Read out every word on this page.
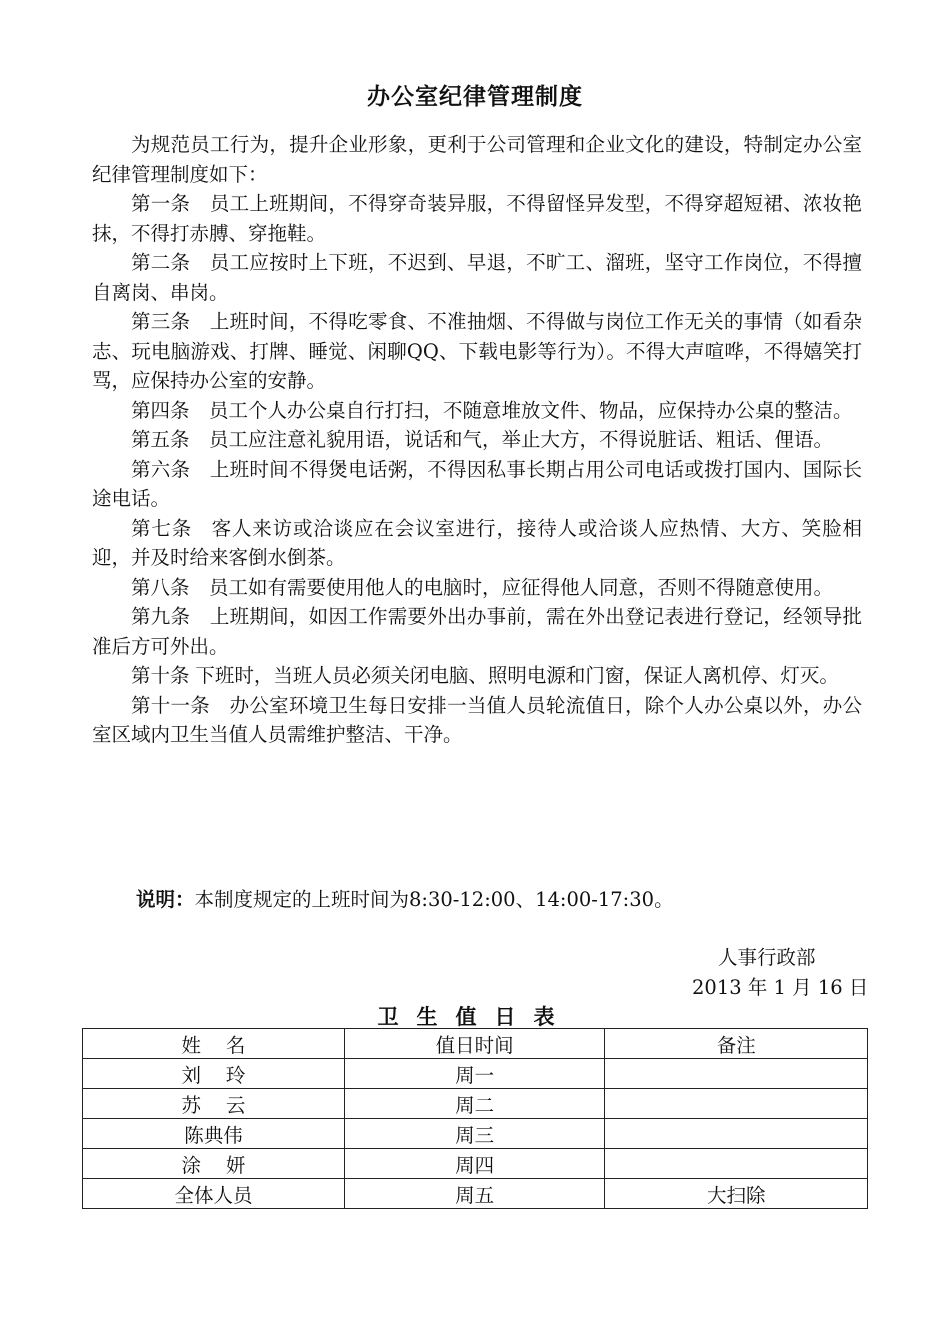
办公室纪律管理制度

为规范员工行为，提升企业形象，更利于公司管理和企业文化的建设，特制定办公室纪律管理制度如下：

第一条 员工上班期间，不得穿奇装异服，不得留怪异发型，不得穿超短裙、浓妆艳抹，不得打赤膊、穿拖鞋。

第二条 员工应按时上下班，不迟到、早退，不旷工、溜班，坚守工作岗位，不得擅自离岗、串岗。

第三条 上班时间，不得吃零食、不准抽烟、不得做与岗位工作无关的事情（如看杂志、玩电脑游戏、打牌、睡觉、闲聊QQ、下载电影等行为）。不得大声喧哗，不得嬉笑打骂，应保持办公室的安静。

第四条 员工个人办公桌自行打扫，不随意堆放文件、物品，应保持办公桌的整洁。

第五条 员工应注意礼貌用语，说话和气，举止大方，不得说脏话、粗话、俚语。

第六条 上班时间不得煲电话粥，不得因私事长期占用公司电话或拨打国内、国际长途电话。

第七条 客人来访或洽谈应在会议室进行，接待人或洽谈人应热情、大方、笑脸相迎，并及时给来客倒水倒茶。

第八条 员工如有需要使用他人的电脑时，应征得他人同意，否则不得随意使用。

第九条 上班期间，如因工作需要外出办事前，需在外出登记表进行登记，经领导批准后方可外出。

第十条 下班时，当班人员必须关闭电脑、照明电源和门窗，保证人离机停、灯灭。

第十一条 办公室环境卫生每日安排一当值人员轮流值日，除个人办公桌以外，办公室区域内卫生当值人员需维护整洁、干净。

说明：本制度规定的上班时间为8:30-12:00、14:00-17:30。
人事行政部
2013 年 1 月 16 日
卫生值日表
姓    名	值日时间	备注
刘    玲	周一	
苏    云	周二	
陈典伟	周三	
涂    妍	周四	
全体人员	周五	大扫除
